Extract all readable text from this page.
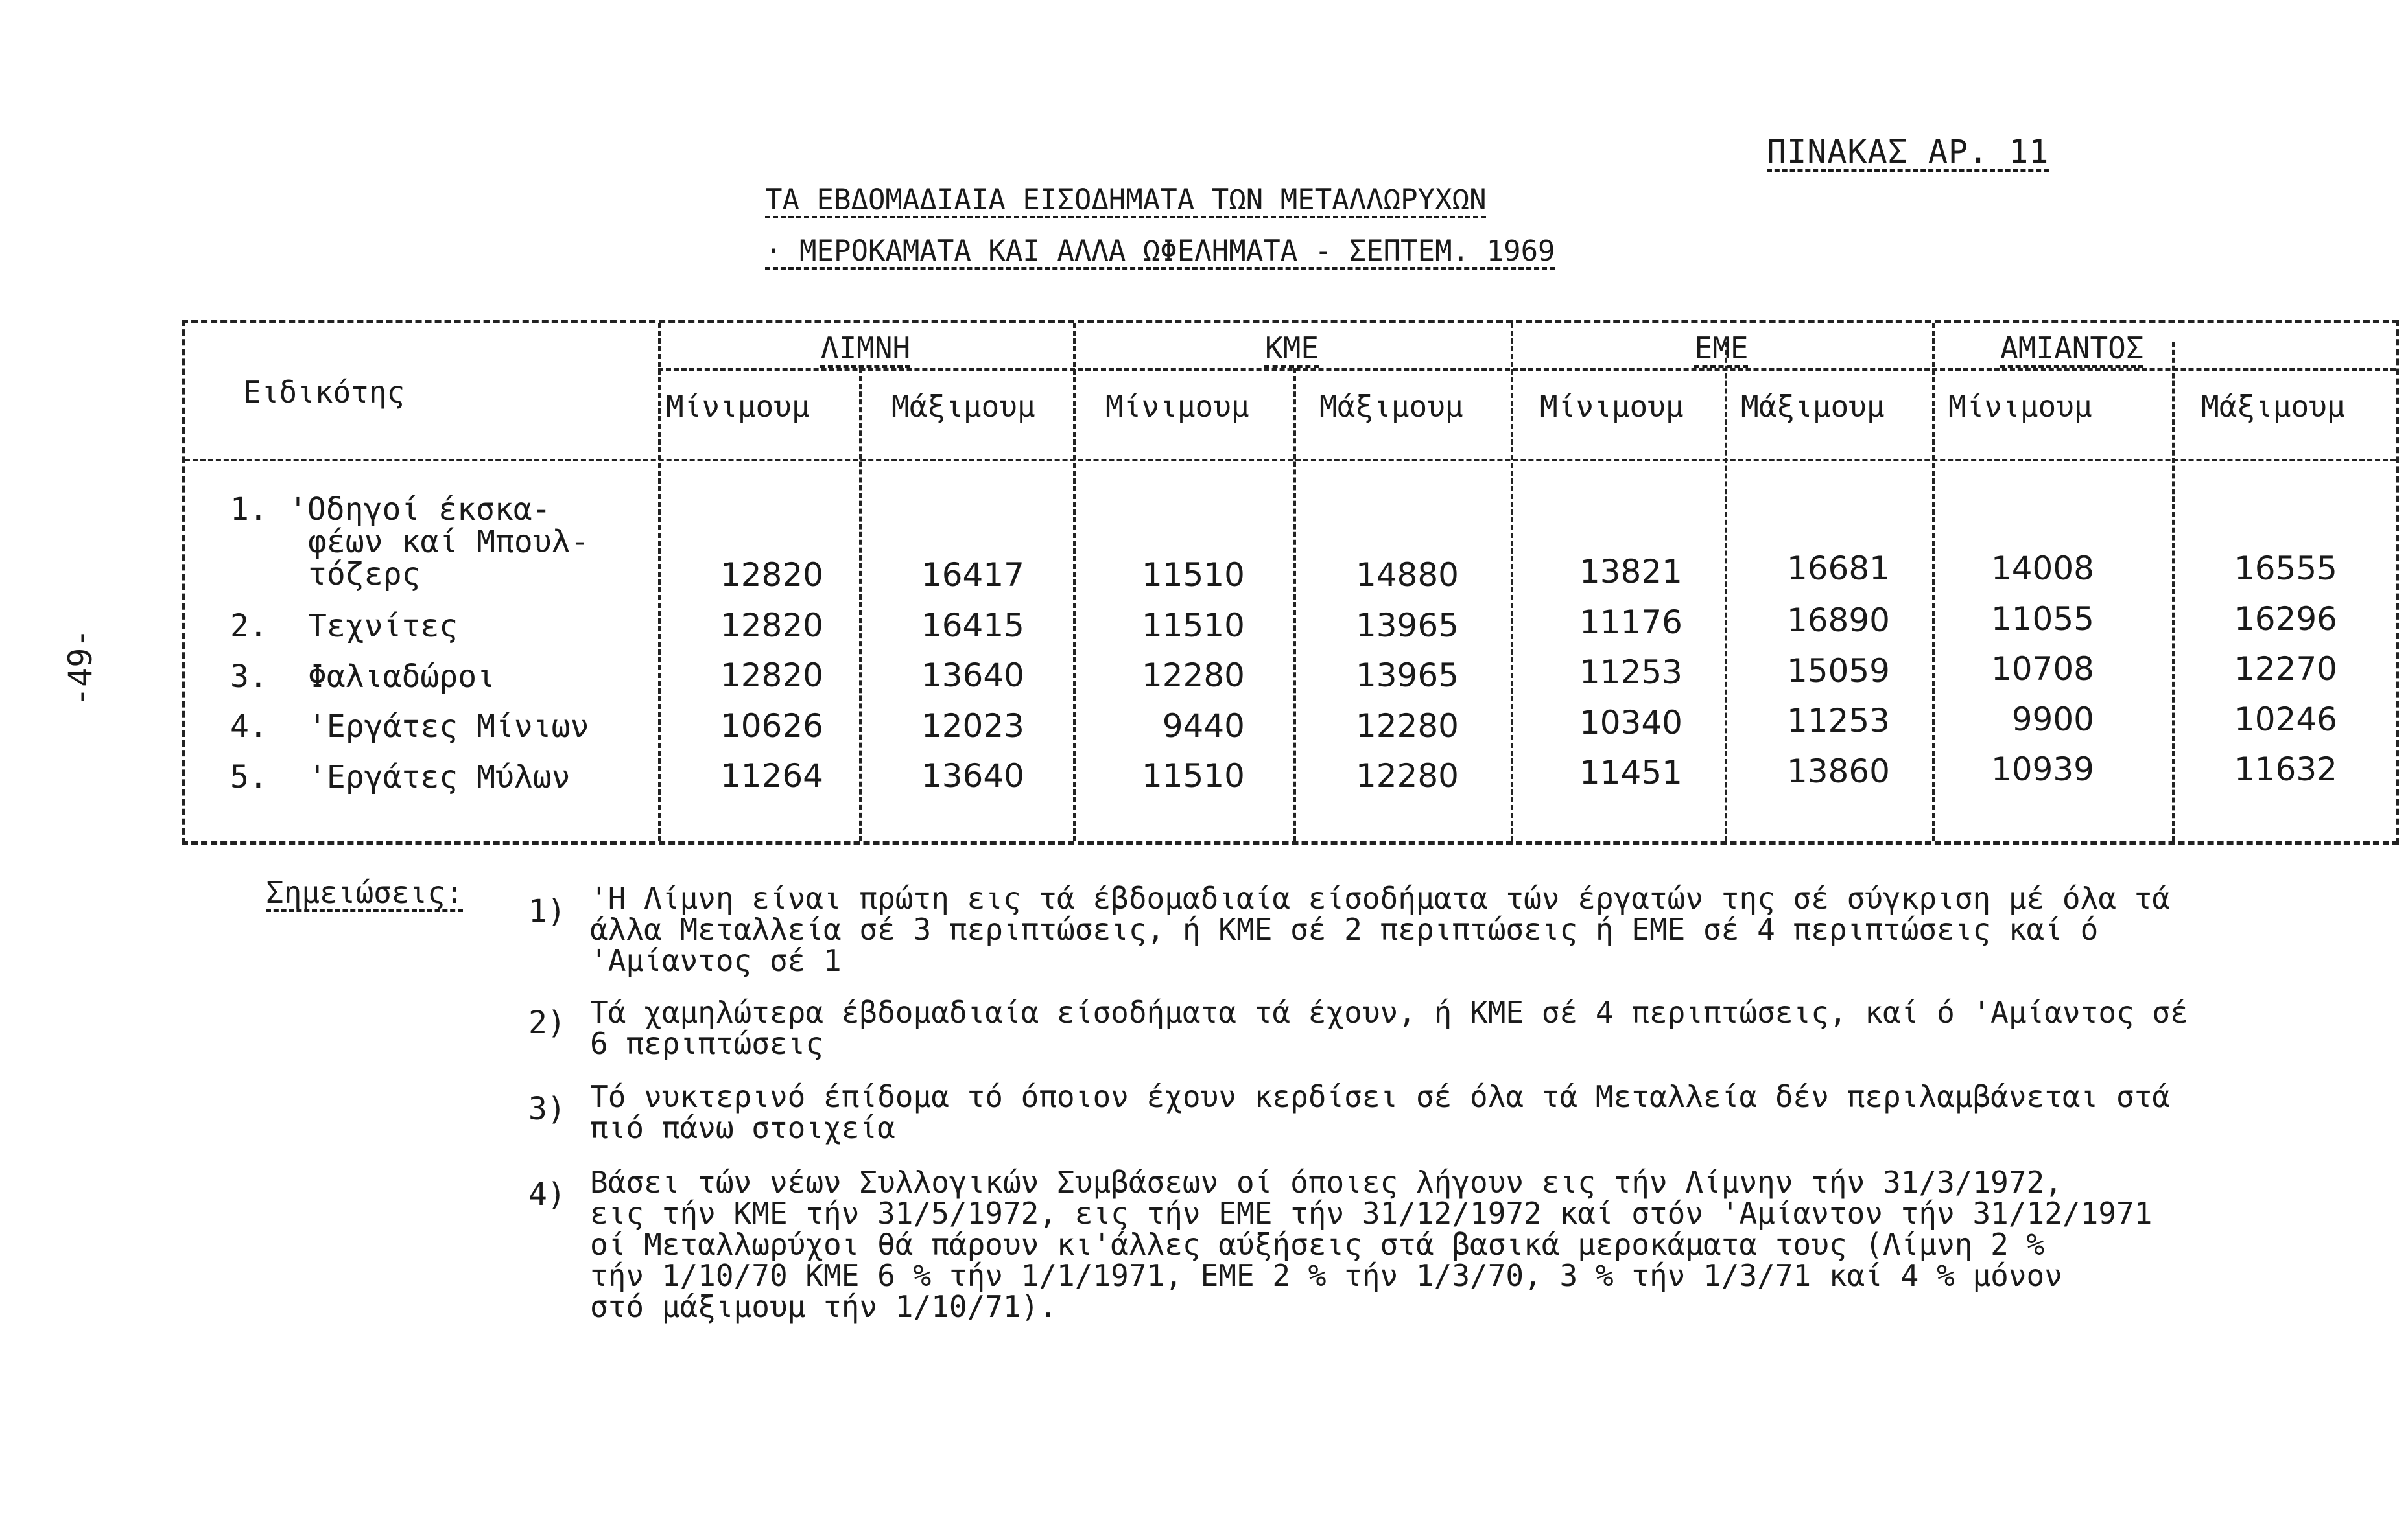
-49-
ΠΙΝΑΚΑΣ ΑΡ. 11
ΤΑ ΕΒΔΟΜΑΔΙΑΙΑ ΕΙΣΟΔΗΜΑΤΑ ΤΩΝ ΜΕΤΑΛΛΩΡΥΧΩΝ
· ΜΕΡΟΚΑΜΑΤΑ ΚΑΙ ΑΛΛΑ ΩΦΕΛΗΜΑΤΑ - ΣΕΠΤΕΜ. 1969
Ειδικότης
ΛΙΜΝΗ	ΚΜΕ	ΕΜΕ	ΑΜΙΑΝΤΟΣ
Μίνιμουμ	Μάξιμουμ Μίνιμουμ Μάξιμουμ	Μίνιμουμ Μάξιμουμ Μίνιμουμ	Μάξιμουμ
1. 'Οδηγοί έκσκα-
φέων καί Μπουλ-
τόζερς	12820	16417	11510	14880	13821	16681	14008	16555
2. Τεχνίτες	12820	16415	11510	13965	11176	16890	11055	16296
3. Φαλιαδώροι	12820	13640	12280	13965	11253	15059	10708	12270
4. 'Εργάτες Μίνιων	10626	12023	9440	12280	10340	11253	9900	10246
5. 'Εργάτες Μύλων	11264	13640	11510	12280	11451	13860	10939	11632
Σημειώσεις:
1) 'Η Λίμνη είναι πρώτη εις τά έβδομαδιαία είσοδήματα τών έργατών της σέ σύγκριση μέ όλα τά
άλλα Μεταλλεία σέ 3 περιπτώσεις, ή ΚΜΕ σέ 2 περιπτώσεις ή ΕΜΕ σέ 4 περιπτώσεις καί ό
'Αμίαντος σέ 1
2) Τά χαμηλώτερα έβδομαδιαία είσοδήματα τά έχουν, ή ΚΜΕ σέ 4 περιπτώσεις, καί ό 'Αμίαντος σέ
6 περιπτώσεις
3) Τό νυκτερινό έπίδομα τό όποιον έχουν κερδίσει σέ όλα τά Μεταλλεία δέν περιλαμβάνεται στά
πιό πάνω στοιχεία
4) Βάσει τών νέων Συλλογικών Συμβάσεων οί όποιες λήγουν εις τήν Λίμνην τήν 31/3/1972,
εις τήν ΚΜΕ τήν 31/5/1972, εις τήν ΕΜΕ τήν 31/12/1972 καί στόν 'Αμίαντον τήν 31/12/1971
οί Μεταλλωρύχοι θά πάρουν κι'άλλες αύξήσεις στά βασικά μεροκάματα τους (Λίμνη 2 %
τήν 1/10/70 ΚΜΕ 6 % τήν 1/1/1971, ΕΜΕ 2 % τήν 1/3/70, 3 % τήν 1/3/71 καί 4 % μόνον
στό μάξιμουμ τήν 1/10/71).
